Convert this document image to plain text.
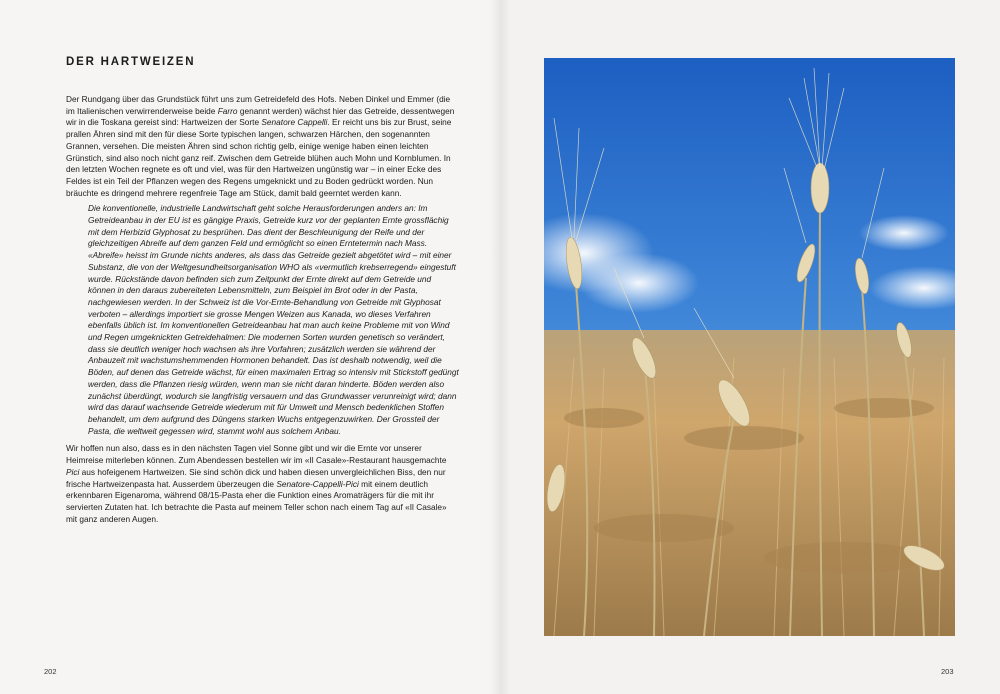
DER HARTWEIZEN

Der Rundgang über das Grundstück führt uns zum Getreidefeld des Hofs. Neben Dinkel und Emmer (die im Italienischen verwirrenderweise beide Farro genannt werden) wächst hier das Getreide, dessentwegen wir in die Toskana gereist sind: Hartweizen der Sorte Senatore Cappelli. Er reicht uns bis zur Brust, seine prallen Ähren sind mit den für diese Sorte typischen langen, schwarzen Härchen, den sogenannten Grannen, versehen. Die meisten Ähren sind schon richtig gelb, einige wenige haben einen leichten Grünstich, sind also noch nicht ganz reif. Zwischen dem Getreide blühen auch Mohn und Kornblumen. In den letzten Wochen regnete es oft und viel, was für den Hartweizen ungünstig war – in einer Ecke des Feldes ist ein Teil der Pflanzen wegen des Regens umgeknickt und zu Boden gedrückt worden. Nun bräuchte es dringend mehrere regenfreie Tage am Stück, damit bald geerntet werden kann.

Die konventionelle, industrielle Landwirtschaft geht solche Herausforderungen anders an: Im Getreideanbau in der EU ist es gängige Praxis, Getreide kurz vor der geplanten Ernte grossflächig mit dem Herbizid Glyphosat zu besprühen. Das dient der Beschleunigung der Reife und der gleichzeitigen Abreife auf dem ganzen Feld und ermöglicht so einen Erntetermin nach Mass. «Abreife» heisst im Grunde nichts anderes, als dass das Getreide gezielt abgetötet wird – mit einer Substanz, die von der Weltgesundheitsorganisation WHO als «vermutlich krebserregend» eingestuft wurde. Rückstände davon befinden sich zum Zeitpunkt der Ernte direkt auf dem Getreide und können in den daraus zubereiteten Lebensmitteln, zum Beispiel im Brot oder in der Pasta, nachgewiesen werden. In der Schweiz ist die Vor-Ernte-Behandlung von Getreide mit Glyphosat verboten – allerdings importiert sie grosse Mengen Weizen aus Kanada, wo dieses Verfahren ebenfalls üblich ist. Im konventionellen Getreideanbau hat man auch keine Probleme mit von Wind und Regen umgeknickten Getreidehalmen: Die modernen Sorten wurden genetisch so verändert, dass sie deutlich weniger hoch wachsen als ihre Vorfahren; zusätzlich werden sie während der Anbauzeit mit wachstumshemmenden Hormonen behandelt. Das ist deshalb notwendig, weil die Böden, auf denen das Getreide wächst, für einen maximalen Ertrag so intensiv mit Stickstoff gedüngt werden, dass die Pflanzen riesig würden, wenn man sie nicht daran hinderte. Böden werden also zunächst überdüngt, wodurch sie langfristig versauern und das Grundwasser verunreinigt wird; dann wird das darauf wachsende Getreide wiederum mit für Umwelt und Mensch bedenklichen Stoffen behandelt, um dem aufgrund des Düngens starken Wuchs entgegenzuwirken. Der Grossteil der Pasta, die weltweit gegessen wird, stammt wohl aus solchem Anbau.

Wir hoffen nun also, dass es in den nächsten Tagen viel Sonne gibt und wir die Ernte vor unserer Heimreise miterleben können. Zum Abendessen bestellen wir im «Il Casale»-Restaurant hausgemachte Pici aus hofeigenem Hartweizen. Sie sind schön dick und haben diesen unvergleichlichen Biss, den nur frische Hartweizenpasta hat. Ausserdem überzeugen die Senatore-Cappelli-Pici mit einem deutlich erkennbaren Eigenaroma, während 08/15-Pasta eher die Funktion eines Aromaträgers für die mit ihr servierten Zutaten hat. Ich betrachte die Pasta auf meinem Teller schon nach einem Tag auf «Il Casale» mit ganz anderen Augen.

202	203
